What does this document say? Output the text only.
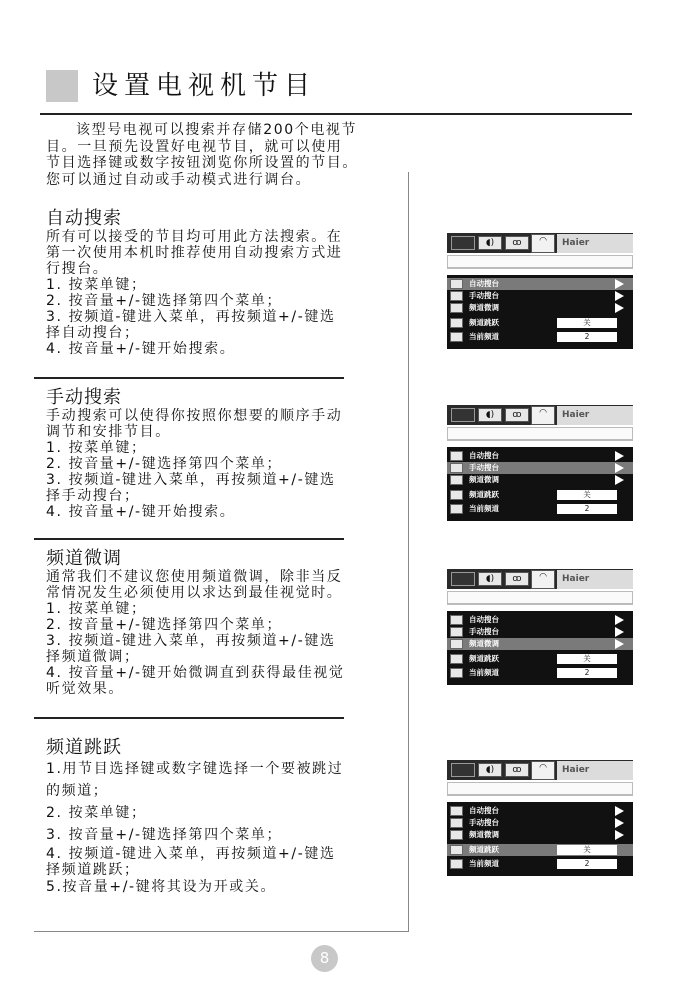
设置电视机节目

该型号电视可以搜索并存储200个电视节

目。一旦预先设置好电视节目，就可以使用

节目选择键或数字按钮浏览你所设置的节目。

您可以通过自动或手动模式进行调台。

自动搜索
所有可以接受的节目均可用此方法搜索。在
第一次使用本机时推荐使用自动搜索方式进
行搜台。
1. 按菜单键；
2. 按音量+/-键选择第四个菜单；
3. 按频道-键进入菜单，再按频道+/-键选
择自动搜台；
4. 按音量+/-键开始搜索。
手动搜索
手动搜索可以使得你按照你想要的顺序手动
调节和安排节目。
1. 按菜单键；
2. 按音量+/-键选择第四个菜单；
3. 按频道-键进入菜单，再按频道+/-键选
择手动搜台；
4. 按音量+/-键开始搜索。
频道微调
通常我们不建议您使用频道微调，除非当反
常情况发生必须使用以求达到最佳视觉时。
1. 按菜单键；
2. 按音量+/-键选择第四个菜单；
3. 按频道-键进入菜单，再按频道+/-键选
择频道微调；
4. 按音量+/-键开始微调直到获得最佳视觉
听觉效果。
频道跳跃
1.用节目选择键或数字键选择一个要被跳过
的频道；
2. 按菜单键；
3. 按音量+/-键选择第四个菜单；
4. 按频道-键进入菜单，再按频道+/-键选
择频道跳跃；
5.按音量+/-键将其设为开或关。
◖)	ꝏ	◠	Haier
自动搜台
手动搜台
频道微调
频道跳跃	关
当前频道	2
◖)	ꝏ	◠	Haier
自动搜台
手动搜台
频道微调
频道跳跃	关
当前频道	2
◖)	ꝏ	◠	Haier
自动搜台
手动搜台
频道微调
频道跳跃	关
当前频道	2
◖)	ꝏ	◠	Haier
自动搜台
手动搜台
频道微调
频道跳跃	关
当前频道	2
8
